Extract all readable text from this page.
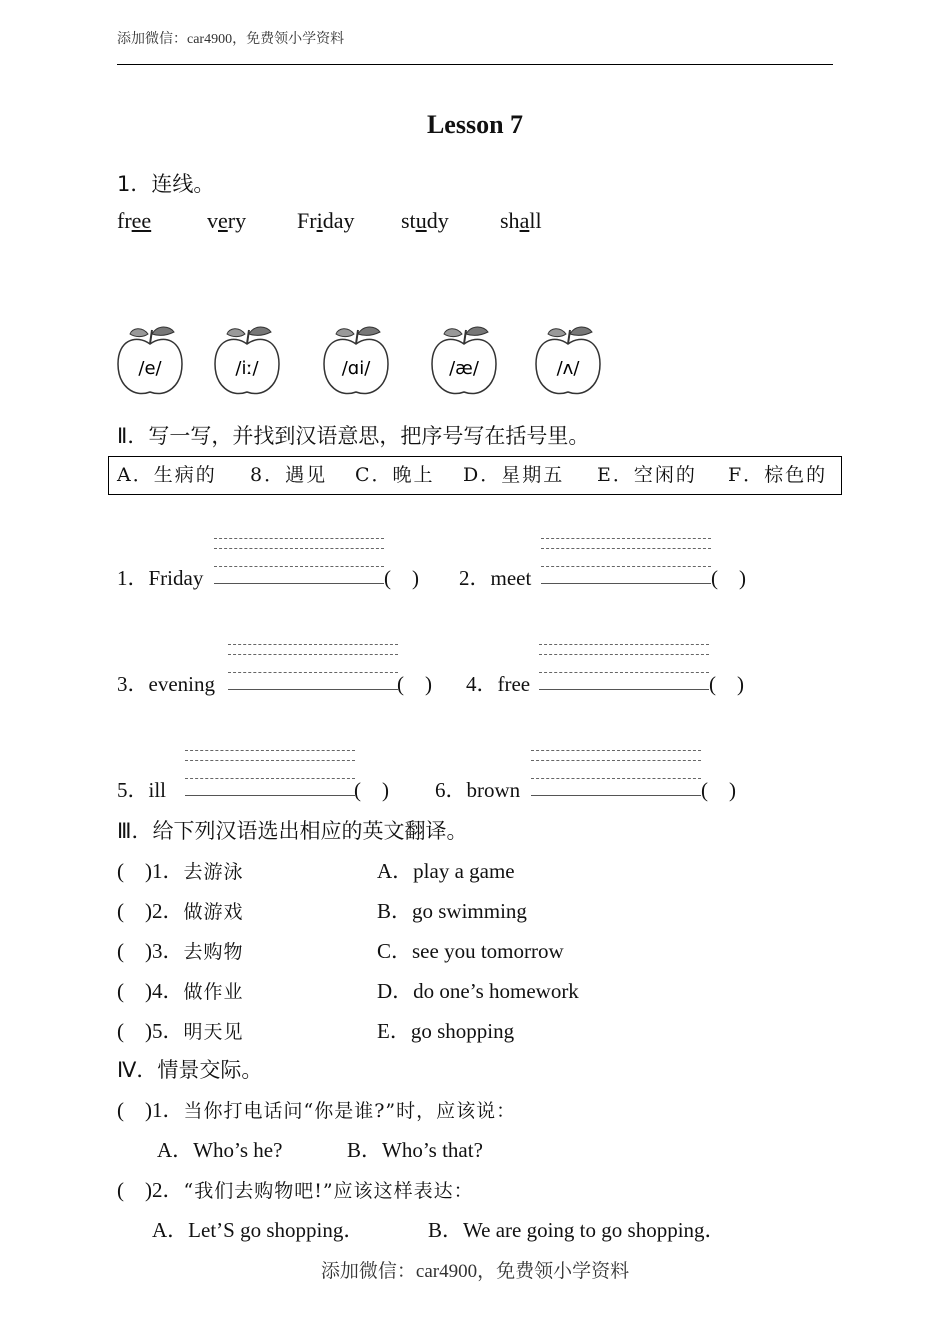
添加微信：car4900，免费领小学资料
Lesson 7
1．连线。
free	very Friday study shall
/e/	/iː/	/ɑi/	/æ/	/ʌ/
Ⅱ．写一写，并找到汉语意思，把序号写在括号里。
A．生病的 8．遇见 C．晚上 D．星期五 E．空闲的 F．棕色的
1．Friday	(　) 2．meet	(　)
3．evening	(　) 4．free	(　)
5．ill	(　) 6．brown	(　)
Ⅲ．给下列汉语选出相应的英文翻译。
(　)1．去游泳	A．play a game
(　)2．做游戏	B．go swimming
(　)3．去购物	C．see you tomorrow
(　)4．做作业	D．do one’s homework
(　)5．明天见	E．go shopping
Ⅳ．情景交际。
(　)1．当你打电话问“你是谁?”时，应该说：
A．Who’s he?	B．Who’s that?
(　)2．“我们去购物吧!”应该这样表达：
A．Let’S go shopping．	B．We are going to go shopping．
添加微信：car4900，免费领小学资料
